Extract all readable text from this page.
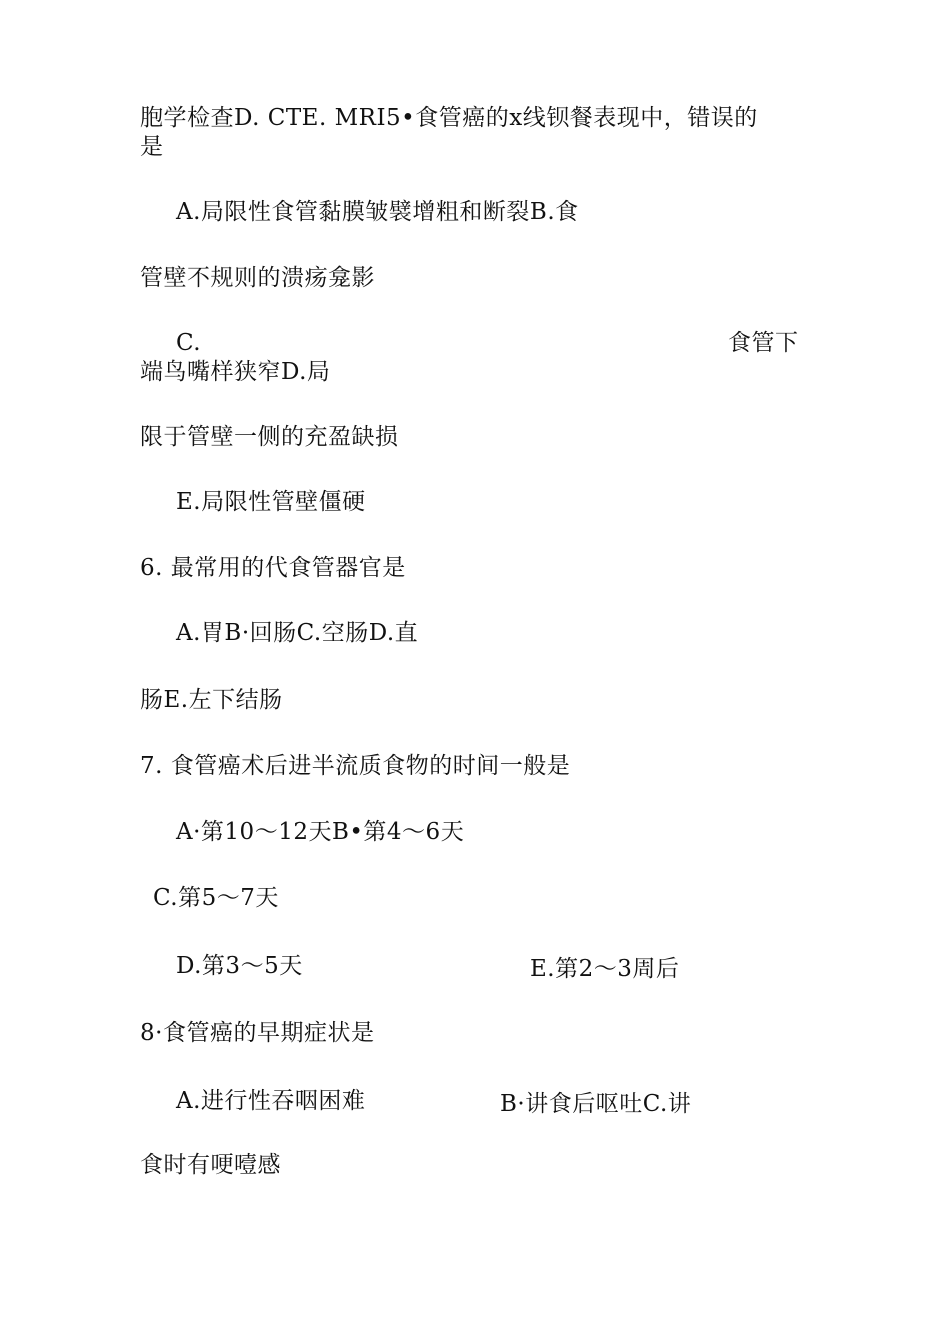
胞学检查D. CTE. MRI5•食管癌的x线钡餐表现中，错误的

是

A.局限性食管黏膜皱襞增粗和断裂B.食

管壁不规则的溃疡龛影

C.	食管下

端鸟嘴样狭窄D.局

限于管壁一侧的充盈缺损

E.局限性管壁僵硬

6. 最常用的代食管器官是

A.胃B·回肠C.空肠D.直

肠E.左下结肠

7. 食管癌术后进半流质食物的时间一般是

A·第10〜12天B•第4〜6天

C.第5〜7天

D.第3〜5天	E.第2〜3周后

8·食管癌的早期症状是

A.进行性吞咽困难	B·讲食后呕吐C.讲

食时有哽噎感
